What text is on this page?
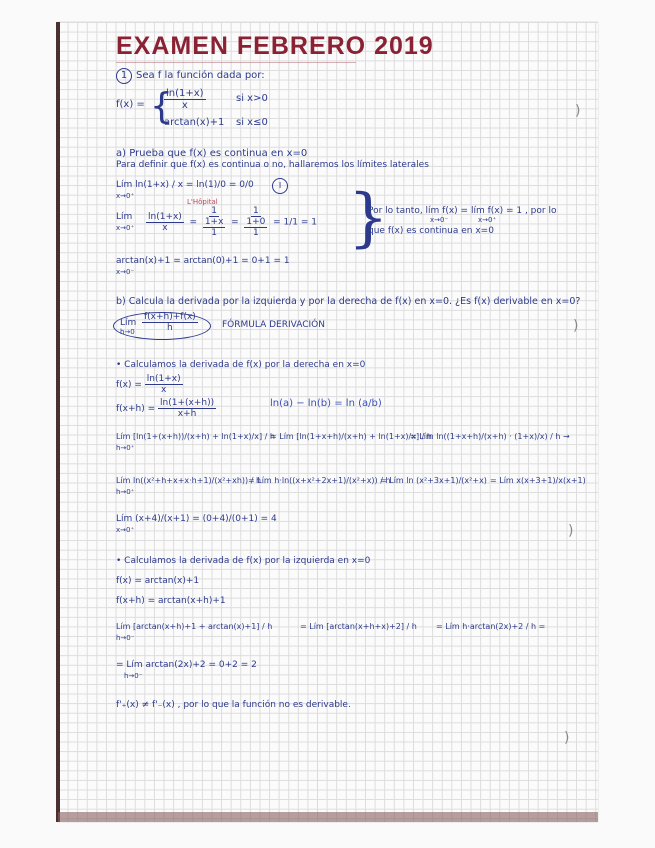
)
)
)
)
EXAMEN FEBRERO 2019
1 Sea f la función dada por:
f(x) = {
$\frac{\ln(1+x)}{x}$	si x>0
arctan(x)+1 si x≤0
a) Prueba que f(x) es continua en x=0
Para definir que f(x) es continua o no, hallaremos los límites laterales
Lím ln(1+x) / x = ln(1)/0 = 0/0	I
x→0⁺
L'Hôpital
Lím
$x\to 0^+ \frac{\ln(1+x)}{x}$ =
1
1+x
1
=
1
1+0
1
= 1/1 = 1
arctan(x)+1 = arctan(0)+1 = 0+1 = 1
x→0⁻
}
Por lo tanto, lím f(x) = lím f(x) = 1 , por lo
x→0⁻	x→0⁺
que f(x) es continua en x=0
b) Calcula la derivada por la izquierda y por la derecha de f(x) en x=0. ¿Es f(x) derivable en x=0?
Lím
$h\to 0 \frac{f(x+h)+f(x)}{h}$	FÓRMULA DERIVACIÓN
• Calculamos la derivada de f(x) por la derecha en x=0
$f(x) = \frac{\ln(1+x)}{x}$
$f(x+h) = \frac{\ln(1+(x+h))}{x+h}$	ln(a) − ln(b) = ln (a/b)
Lím [ln(1+(x+h))/(x+h) + ln(1+x)/x] / h
= Lím [ln(1+x+h)/(x+h) + ln(1+x)/x] / h
= Lím ln((1+x+h)/(x+h) · (1+x)/x) / h →
h→0⁺
Lím ln((x²+h+x+x·h+1)/(x²+xh)) / h
= Lím h·ln((x+x²+2x+1)/(x²+x)) / h
= Lím ln (x²+3x+1)/(x²+x) = Lím x(x+3+1)/x(x+1)
h→0⁺
Lím (x+4)/(x+1) = (0+4)/(0+1) = 4
x→0⁺
• Calculamos la derivada de f(x) por la izquierda en x=0
f(x) = arctan(x)+1
f(x+h) = arctan(x+h)+1
Lím [arctan(x+h)+1 + arctan(x)+1] / h	= Lím [arctan(x+h+x)+2] / h = Lím h·arctan(2x)+2 / h =
h→0⁻
= Lím arctan(2x)+2 = 0+2 = 2
h→0⁻
f'₊(x) ≠ f'₋(x) , por lo que la función no es derivable.
